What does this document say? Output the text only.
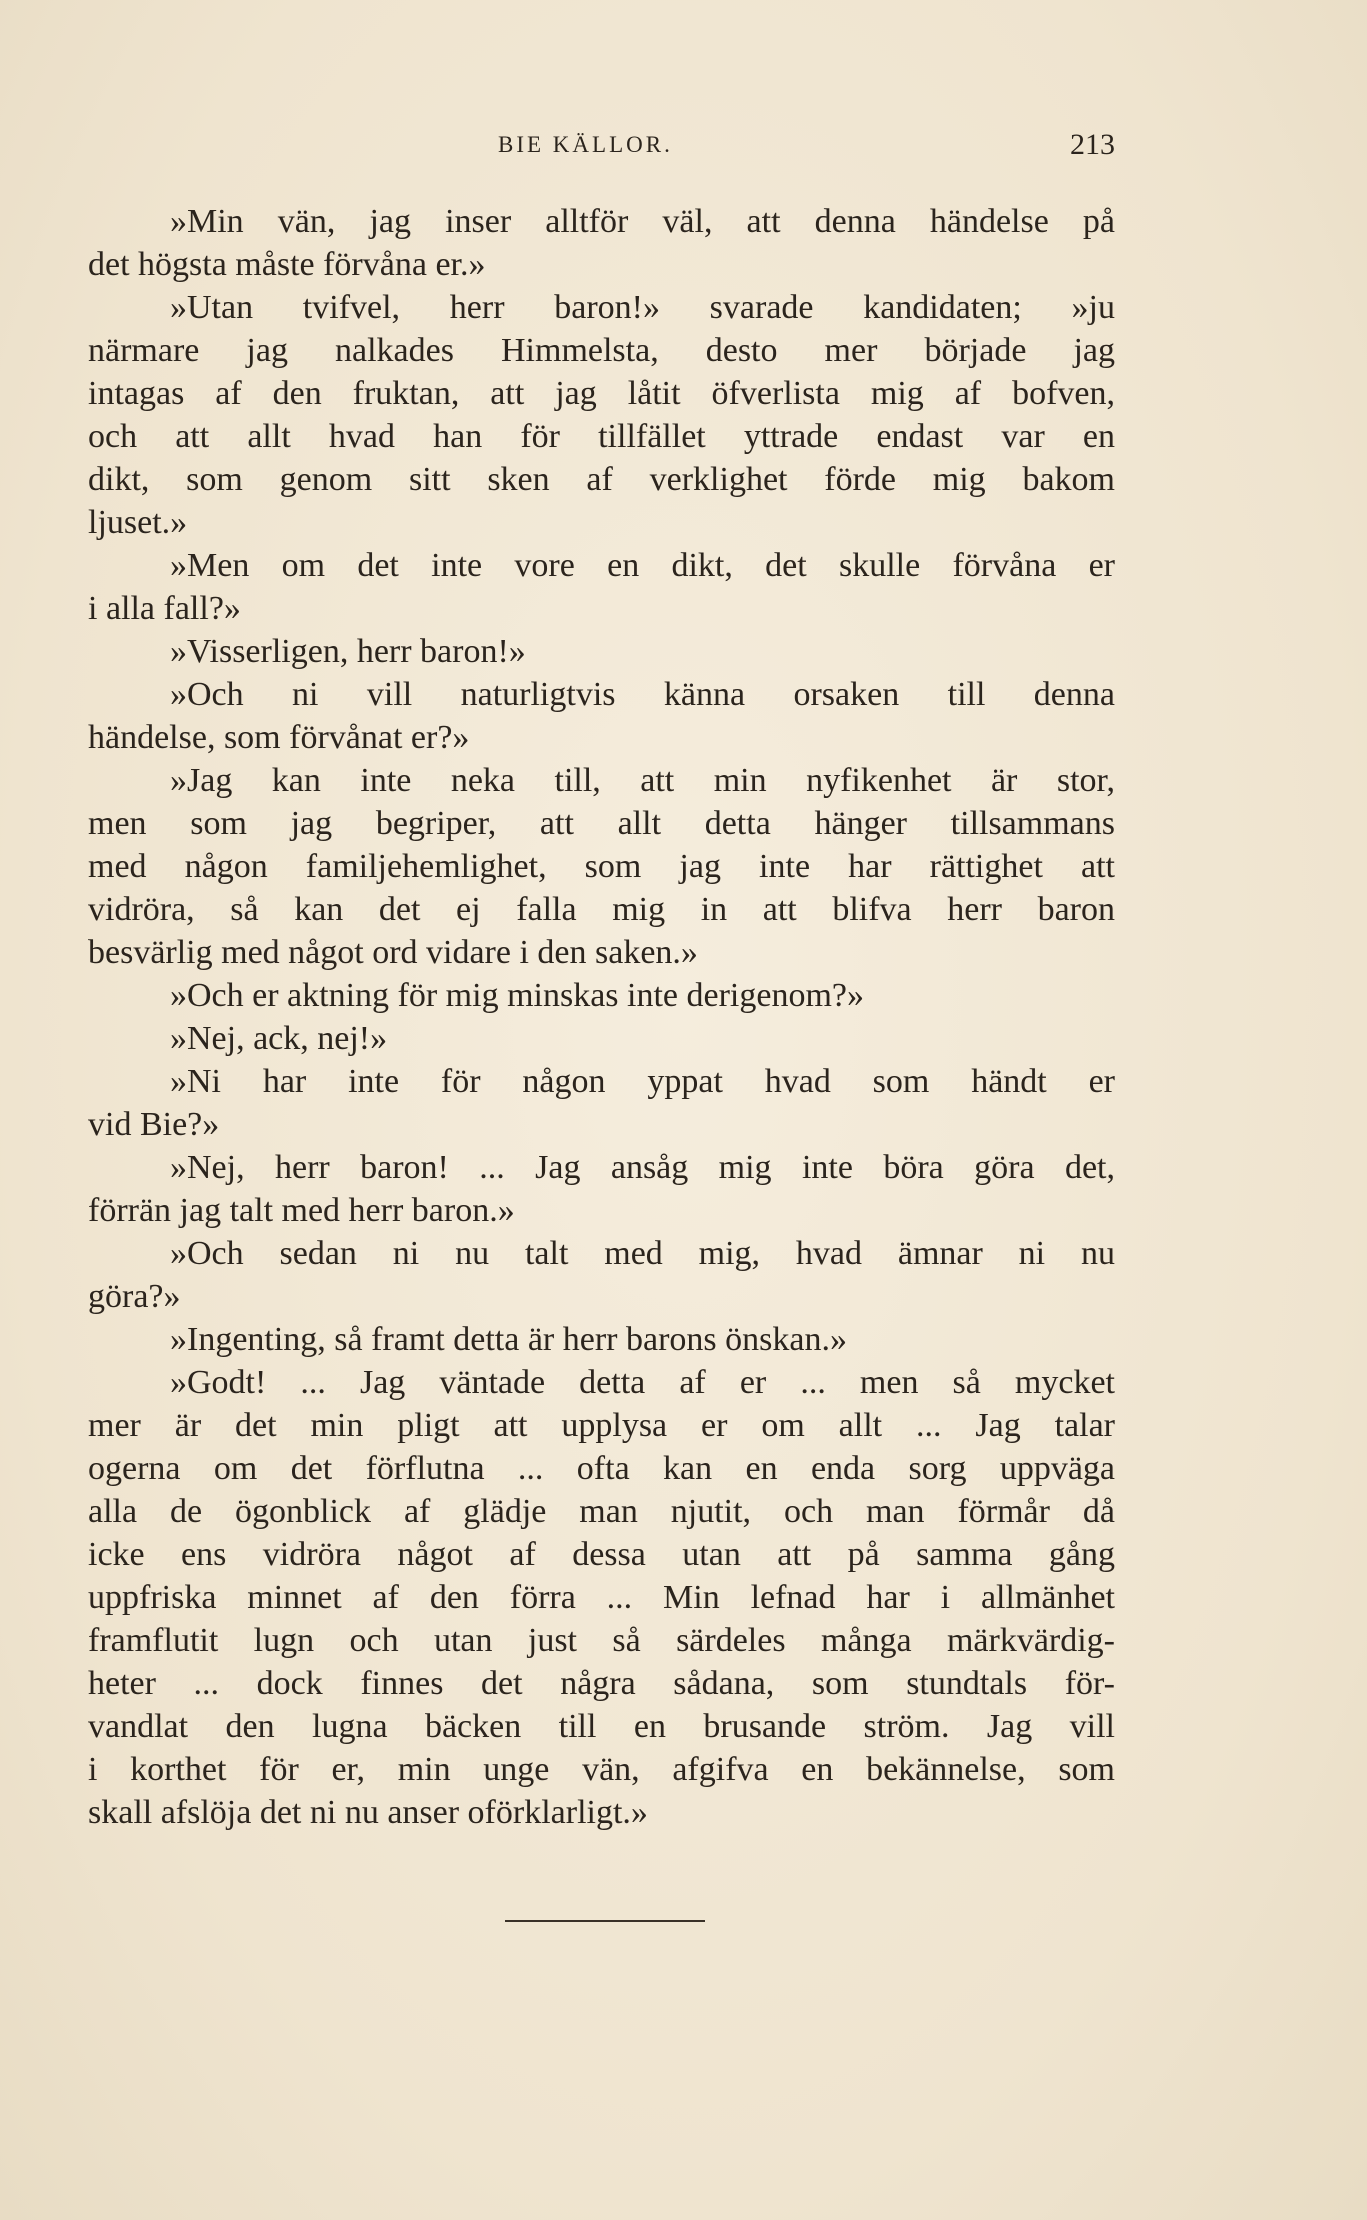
BIE KÄLLOR.	213
»Min vän, jag inser alltför väl, att denna händelse på
det högsta måste förvåna er.»
»Utan tvifvel, herr baron!» svarade kandidaten; »ju
närmare jag nalkades Himmelsta, desto mer började jag
intagas af den fruktan, att jag låtit öfverlista mig af bofven,
och att allt hvad han för tillfället yttrade endast var en
dikt, som genom sitt sken af verklighet förde mig bakom
ljuset.»
»Men om det inte vore en dikt, det skulle förvåna er
i alla fall?»
»Visserligen, herr baron!»
»Och ni vill naturligtvis känna orsaken till denna
händelse, som förvånat er?»
»Jag kan inte neka till, att min nyfikenhet är stor,
men som jag begriper, att allt detta hänger tillsammans
med någon familjehemlighet, som jag inte har rättighet att
vidröra, så kan det ej falla mig in att blifva herr baron
besvärlig med något ord vidare i den saken.»
»Och er aktning för mig minskas inte derigenom?»
»Nej, ack, nej!»
»Ni har inte för någon yppat hvad som händt er
vid Bie?»
»Nej, herr baron! ... Jag ansåg mig inte böra göra det,
förrän jag talt med herr baron.»
»Och sedan ni nu talt med mig, hvad ämnar ni nu
göra?»
»Ingenting, så framt detta är herr barons önskan.»
»Godt! ... Jag väntade detta af er ... men så mycket
mer är det min pligt att upplysa er om allt ... Jag talar
ogerna om det förflutna ... ofta kan en enda sorg uppväga
alla de ögonblick af glädje man njutit, och man förmår då
icke ens vidröra något af dessa utan att på samma gång
uppfriska minnet af den förra ... Min lefnad har i allmänhet
framflutit lugn och utan just så särdeles många märkvärdig-
heter ... dock finnes det några sådana, som stundtals för-
vandlat den lugna bäcken till en brusande ström. Jag vill
i korthet för er, min unge vän, afgifva en bekännelse, som
skall afslöja det ni nu anser oförklarligt.»
